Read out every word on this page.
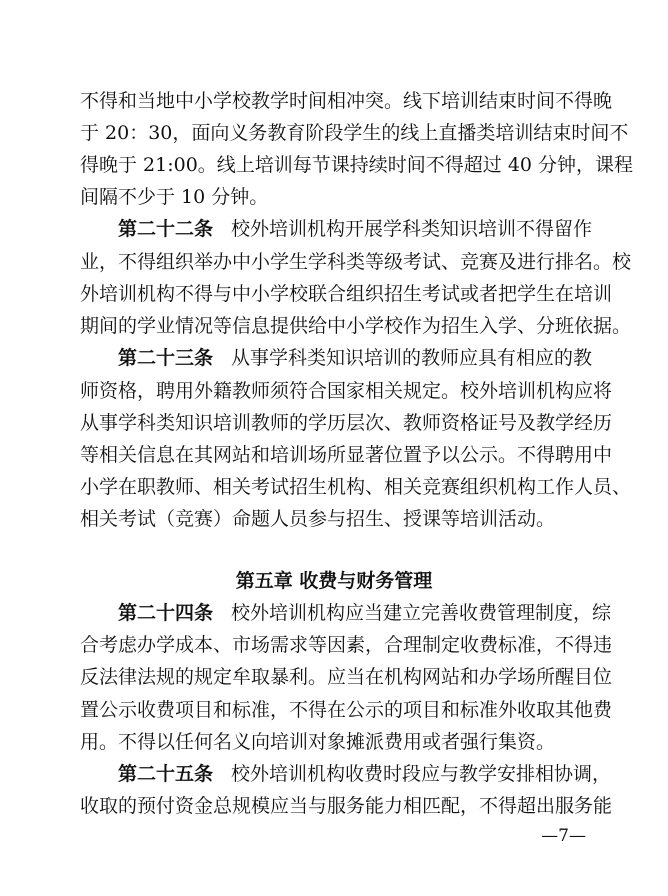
不得和当地中小学校教学时间相冲突。线下培训结束时间不得晚
于 20：30，面向义务教育阶段学生的线上直播类培训结束时间不
得晚于 21:00。线上培训每节课持续时间不得超过 40 分钟，课程
间隔不少于 10 分钟。
第二十二条 校外培训机构开展学科类知识培训不得留作
业，不得组织举办中小学生学科类等级考试、竞赛及进行排名。校
外培训机构不得与中小学校联合组织招生考试或者把学生在培训
期间的学业情况等信息提供给中小学校作为招生入学、分班依据。
第二十三条 从事学科类知识培训的教师应具有相应的教
师资格，聘用外籍教师须符合国家相关规定。校外培训机构应将
从事学科类知识培训教师的学历层次、教师资格证号及教学经历
等相关信息在其网站和培训场所显著位置予以公示。不得聘用中
小学在职教师、相关考试招生机构、相关竞赛组织机构工作人员、
相关考试（竞赛）命题人员参与招生、授课等培训活动。
第五章 收费与财务管理
第二十四条 校外培训机构应当建立完善收费管理制度，综
合考虑办学成本、市场需求等因素，合理制定收费标准，不得违
反法律法规的规定牟取暴利。应当在机构网站和办学场所醒目位
置公示收费项目和标准，不得在公示的项目和标准外收取其他费
用。不得以任何名义向培训对象摊派费用或者强行集资。
第二十五条 校外培训机构收费时段应与教学安排相协调，
收取的预付资金总规模应当与服务能力相匹配，不得超出服务能
—7—
